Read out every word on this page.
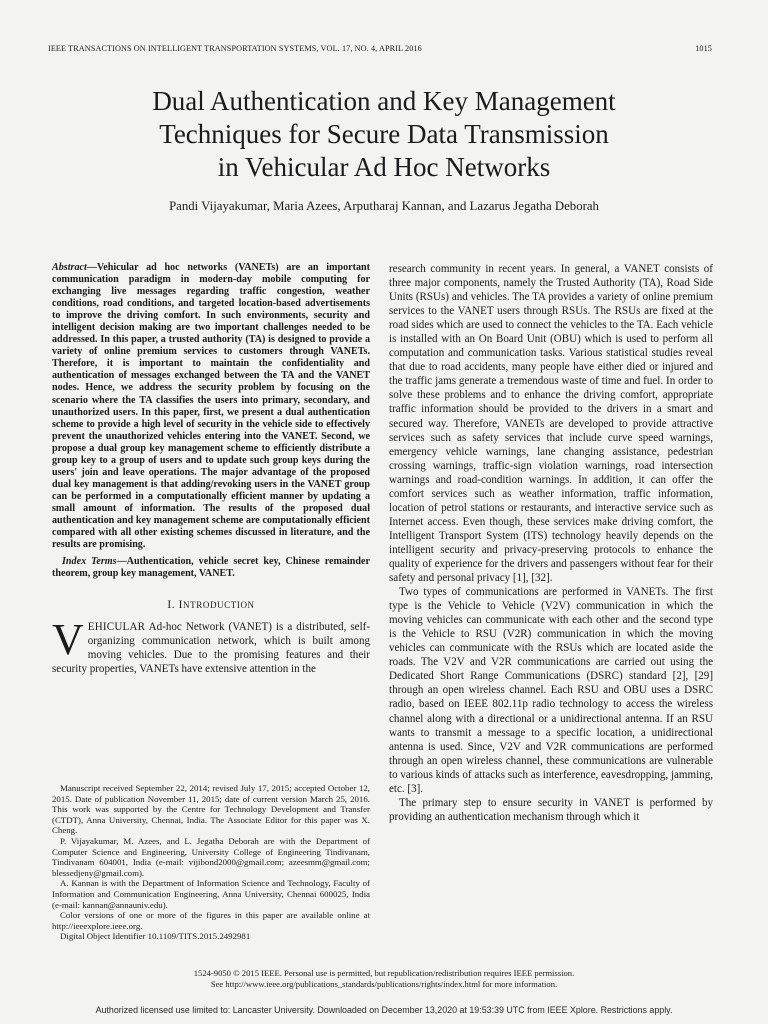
IEEE TRANSACTIONS ON INTELLIGENT TRANSPORTATION SYSTEMS, VOL. 17, NO. 4, APRIL 2016	1015
Dual Authentication and Key Management
Techniques for Secure Data Transmission
in Vehicular Ad Hoc Networks
Pandi Vijayakumar, Maria Azees, Arputharaj Kannan, and Lazarus Jegatha Deborah

Abstract—Vehicular ad hoc networks (VANETs) are an important communication paradigm in modern-day mobile computing for exchanging live messages regarding traffic congestion, weather conditions, road conditions, and targeted location-based advertisements to improve the driving comfort. In such environments, security and intelligent decision making are two important challenges needed to be addressed. In this paper, a trusted authority (TA) is designed to provide a variety of online premium services to customers through VANETs. Therefore, it is important to maintain the confidentiality and authentication of messages exchanged between the TA and the VANET nodes. Hence, we address the security problem by focusing on the scenario where the TA classifies the users into primary, secondary, and unauthorized users. In this paper, first, we present a dual authentication scheme to provide a high level of security in the vehicle side to effectively prevent the unauthorized vehicles entering into the VANET. Second, we propose a dual group key management scheme to efficiently distribute a group key to a group of users and to update such group keys during the users' join and leave operations. The major advantage of the proposed dual key management is that adding/revoking users in the VANET group can be performed in a computationally efficient manner by updating a small amount of information. The results of the proposed dual authentication and key management scheme are computationally efficient compared with all other existing schemes discussed in literature, and the results are promising.

Index Terms—Authentication, vehicle secret key, Chinese remainder theorem, group key management, VANET.

I. INTRODUCTION

VEHICULAR Ad-hoc Network (VANET) is a distributed, self-organizing communication network, which is built among moving vehicles. Due to the promising features and their security properties, VANETs have extensive attention in the

Manuscript received September 22, 2014; revised July 17, 2015; accepted October 12, 2015. Date of publication November 11, 2015; date of current version March 25, 2016. This work was supported by the Centre for Technology Development and Transfer (CTDT), Anna University, Chennai, India. The Associate Editor for this paper was X. Cheng.

P. Vijayakumar, M. Azees, and L. Jegatha Deborah are with the Department of Computer Science and Engineering, University College of Engineering Tindivanam, Tindivanam 604001, India (e-mail: vijibond2000@gmail.com; azeesmm@gmail.com; blessedjeny@gmail.com).

A. Kannan is with the Department of Information Science and Technology, Faculty of Information and Communication Engineering, Anna University, Chennai 600025, India (e-mail: kannan@annauniv.edu).

Color versions of one or more of the figures in this paper are available online at http://ieeexplore.ieee.org.

Digital Object Identifier 10.1109/TITS.2015.2492981

research community in recent years. In general, a VANET consists of three major components, namely the Trusted Authority (TA), Road Side Units (RSUs) and vehicles. The TA provides a variety of online premium services to the VANET users through RSUs. The RSUs are fixed at the road sides which are used to connect the vehicles to the TA. Each vehicle is installed with an On Board Unit (OBU) which is used to perform all computation and communication tasks. Various statistical studies reveal that due to road accidents, many people have either died or injured and the traffic jams generate a tremendous waste of time and fuel. In order to solve these problems and to enhance the driving comfort, appropriate traffic information should be provided to the drivers in a smart and secured way. Therefore, VANETs are developed to provide attractive services such as safety services that include curve speed warnings, emergency vehicle warnings, lane changing assistance, pedestrian crossing warnings, traffic-sign violation warnings, road intersection warnings and road-condition warnings. In addition, it can offer the comfort services such as weather information, traffic information, location of petrol stations or restaurants, and interactive service such as Internet access. Even though, these services make driving comfort, the Intelligent Transport System (ITS) technology heavily depends on the intelligent security and privacy-preserving protocols to enhance the quality of experience for the drivers and passengers without fear for their safety and personal privacy [1], [32].

Two types of communications are performed in VANETs. The first type is the Vehicle to Vehicle (V2V) communication in which the moving vehicles can communicate with each other and the second type is the Vehicle to RSU (V2R) communication in which the moving vehicles can communicate with the RSUs which are located aside the roads. The V2V and V2R communications are carried out using the Dedicated Short Range Communications (DSRC) standard [2], [29] through an open wireless channel. Each RSU and OBU uses a DSRC radio, based on IEEE 802.11p radio technology to access the wireless channel along with a directional or a unidirectional antenna. If an RSU wants to transmit a message to a specific location, a unidirectional antenna is used. Since, V2V and V2R communications are performed through an open wireless channel, these communications are vulnerable to various kinds of attacks such as interference, eavesdropping, jamming, etc. [3].

The primary step to ensure security in VANET is performed by providing an authentication mechanism through which it

1524-9050 © 2015 IEEE. Personal use is permitted, but republication/redistribution requires IEEE permission.
See http://www.ieee.org/publications_standards/publications/rights/index.html for more information.
Authorized licensed use limited to: Lancaster University. Downloaded on December 13,2020 at 19:53:39 UTC from IEEE Xplore. Restrictions apply.
